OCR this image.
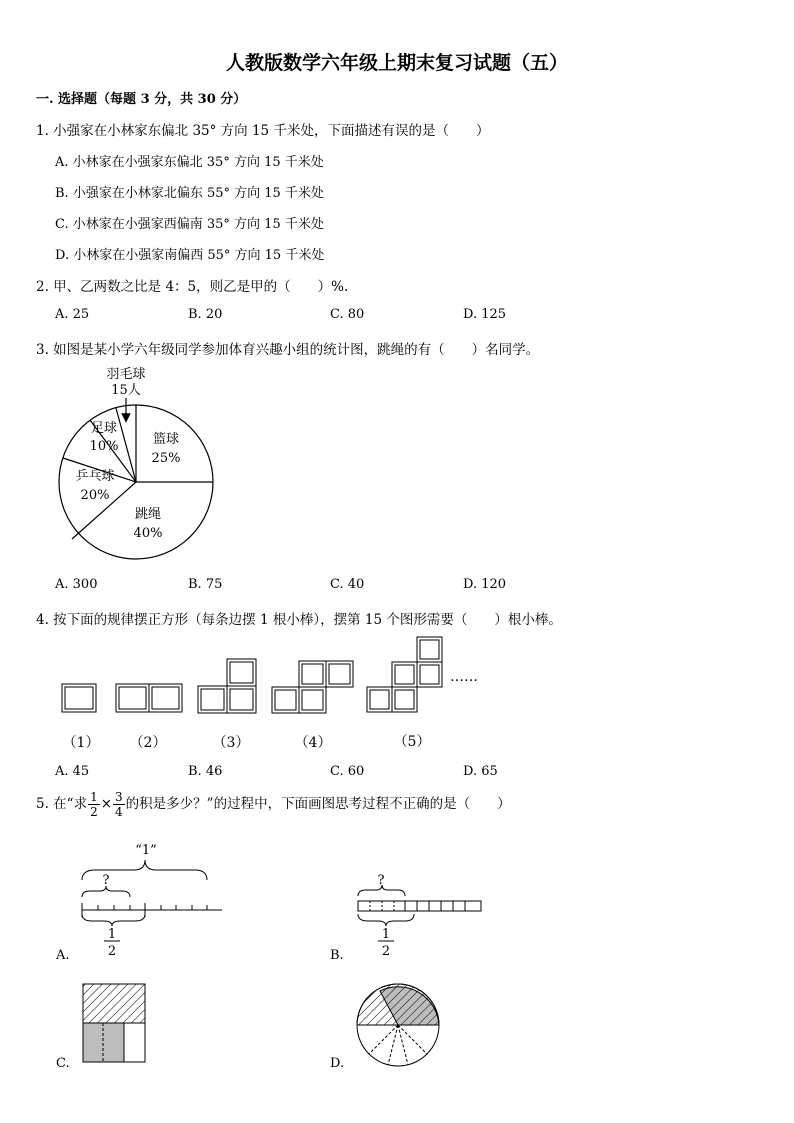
人教版数学六年级上期末复习试题（五）
一. 选择题（每题 3 分，共 30 分）
1. 小强家在小林家东偏北 35° 方向 15 千米处，下面描述有误的是（　　）
A. 小林家在小强家东偏北 35° 方向 15 千米处
B. 小强家在小林家北偏东 55° 方向 15 千米处
C. 小林家在小强家西偏南 35° 方向 15 千米处
D. 小林家在小强家南偏西 55° 方向 15 千米处
2. 甲、乙两数之比是 4：5，则乙是甲的（　　）%.
A. 25	B. 20	C. 80	D. 125
3. 如图是某小学六年级同学参加体育兴趣小组的统计图，跳绳的有（　　）名同学。
羽毛球
15人
篮球
25%
足球
10%
乒乓球
20%
跳绳
40%
A. 300	B. 75	C. 40	D. 120
4. 按下面的规律摆正方形（每条边摆 1 根小棒），摆第 15 个图形需要（　　）根小棒。
……
（1） （2）	（3）	（4）	（5）
A. 45	B. 46	C. 60	D. 65
5. 在“求 $\frac{1}{2} \times \frac{3}{4}$ 的积是多少？”的过程中，下面画图思考过程不正确的是（　　）
“1”
?
1
2
A.
?
1
2
B.
C.	D.
